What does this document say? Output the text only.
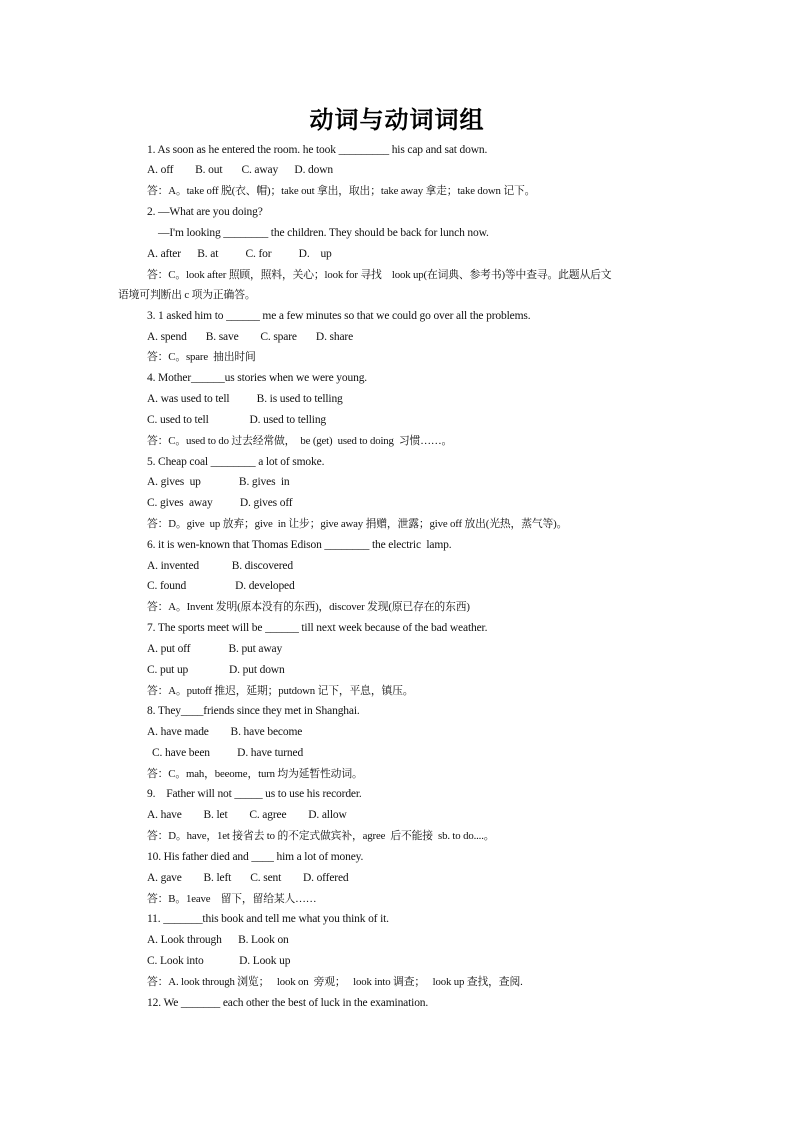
动词与动词词组
1. As soon as he entered the room. he took _________ his cap and sat down.
A. off        B. out       C. away      D. down
答：A。take off 脱(衣、帽)；take out 拿出，取出；take away 拿走；take down 记下。
2. —What are you doing?
—I'm looking ________ the children. They should be back for lunch now.
A. after      B. at          C. for          D.    up
答：C。look after 照顾，照料，关心；look for 寻找    look up(在词典、参考书)等中查寻。此题从后文
语境可判断出 c 项为正确答。
3. 1 asked him to ______ me a few minutes so that we could go over all the problems.
A. spend       B. save        C. spare       D. share
答：C。spare  抽出时间
4. Mother______us stories when we were young.
A. was used to tell          B. is used to telling
C. used to tell               D. used to telling
答：C。used to do 过去经常做，  be (get)  used to doing  习惯……。
5. Cheap coal ________ a lot of smoke.
A. gives  up              B. gives  in
C. gives  away          D. gives off
答：D。give  up 放弃；give  in 让步；give away 捐赠，泄露；give off 放出(光热，蒸气等)。
6. it is wen-known that Thomas Edison ________ the electric  lamp.
A. invented            B. discovered
C. found                  D. developed
答：A。Invent 发明(原本没有的东西)，discover 发现(原已存在的东西)
7. The sports meet will be ______ till next week because of the bad weather.
A. put off              B. put away
C. put up               D. put down
答：A。putoff 推迟，延期；putdown 记下，平息，镇压。
8. They____friends since they met in Shanghai.
A. have made        B. have become
C. have been          D. have turned
答：C。mah，beeome，turn 均为延暂性动词。
9.    Father will not _____ us to use his recorder.
A. have        B. let        C. agree        D. allow
答：D。have，1et 接省去 to 的不定式做宾补，agree  后不能接  sb. to do....。
10. His father died and ____ him a lot of money.
A. gave        B. left       C. sent        D. offered
答：B。1eave    留下，留给某人……
11. _______this book and tell me what you think of it.
A. Look through      B. Look on
C. Look into             D. Look up
答：A. look through 浏览；   look on  旁观；   look into 调查；   look up 查找，查阅.
12. We _______ each other the best of luck in the examination.
